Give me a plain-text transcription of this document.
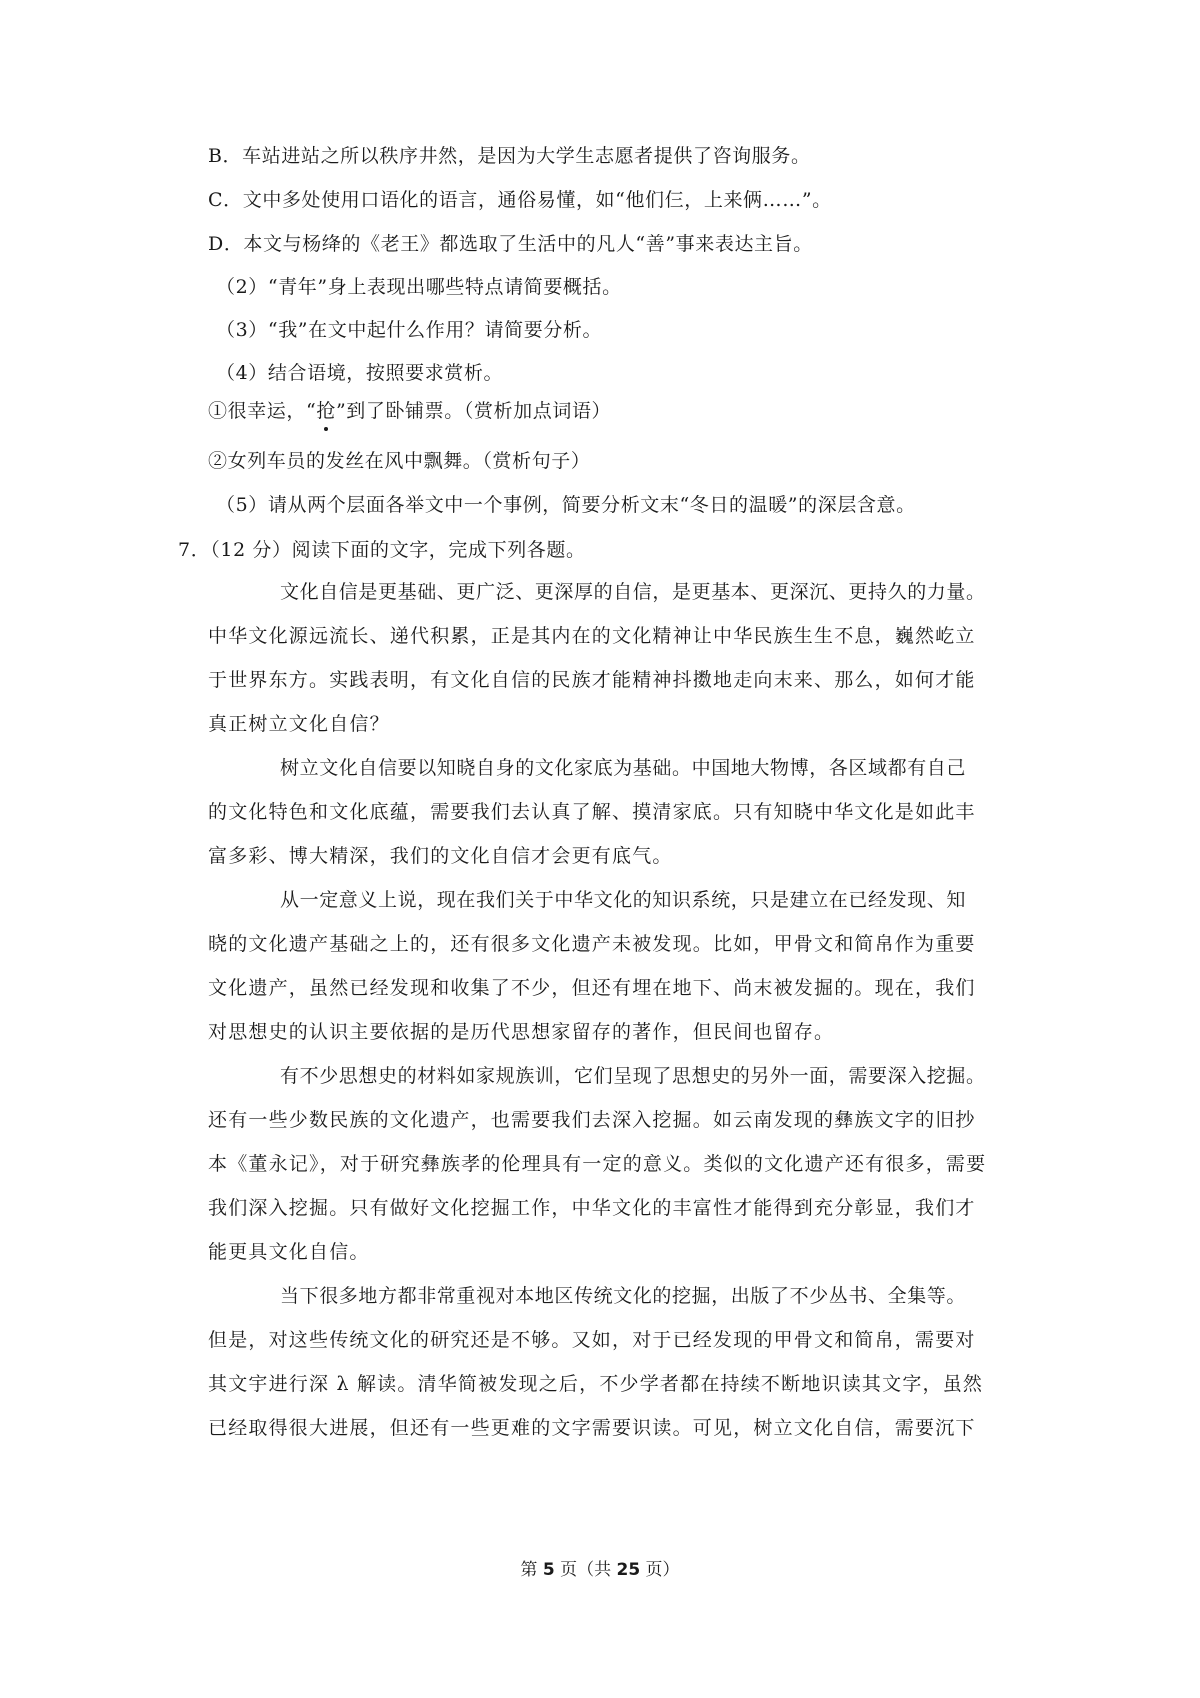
B．车站进站之所以秩序井然，是因为大学生志愿者提供了咨询服务。
C．文中多处使用口语化的语言，通俗易懂，如“他们仨，上来俩……”。
D．本文与杨绛的《老王》都选取了生活中的凡人“善”事来表达主旨。
（2）“青年”身上表现出哪些特点请简要概括。
（3）“我”在文中起什么作用？请简要分析。
（4）结合语境，按照要求赏析。
①很幸运，“抢”到了卧铺票。（赏析加点词语）
②女列车员的发丝在风中飘舞。（赏析句子）
（5）请从两个层面各举文中一个事例，简要分析文末“冬日的温暖”的深层含意。
7．（12 分）阅读下面的文字，完成下列各题。
文化自信是更基础、更广泛、更深厚的自信，是更基本、更深沉、更持久的力量。
中华文化源远流长、递代积累，正是其内在的文化精神让中华民族生生不息，巍然屹立
于世界东方。实践表明，有文化自信的民族才能精神抖擞地走向末来、那么，如何才能
真正树立文化自信？
树立文化自信要以知晓自身的文化家底为基础。中国地大物博，各区域都有自己
的文化特色和文化底蕴，需要我们去认真了解、摸清家底。只有知晓中华文化是如此丰
富多彩、博大精深，我们的文化自信才会更有底气。
从一定意义上说，现在我们关于中华文化的知识系统，只是建立在已经发现、知
晓的文化遗产基础之上的，还有很多文化遗产未被发现。比如，甲骨文和简帛作为重要
文化遗产，虽然已经发现和收集了不少，但还有埋在地下、尚末被发掘的。现在，我们
对思想史的认识主要依据的是历代思想家留存的著作，但民间也留存。
有不少思想史的材料如家规族训，它们呈现了思想史的另外一面，需要深入挖掘。
还有一些少数民族的文化遗产，也需要我们去深入挖掘。如云南发现的彝族文字的旧抄
本《董永记》，对于研究彝族孝的伦理具有一定的意义。类似的文化遗产还有很多，需要
我们深入挖掘。只有做好文化挖掘工作，中华文化的丰富性才能得到充分彰显，我们才
能更具文化自信。
当下很多地方都非常重视对本地区传统文化的挖掘，出版了不少丛书、全集等。
但是，对这些传统文化的研究还是不够。又如，对于已经发现的甲骨文和简帛，需要对
其文宇进行深 λ 解读。清华简被发现之后，不少学者都在持续不断地识读其文字，虽然
已经取得很大进展，但还有一些更难的文字需要识读。可见，树立文化自信，需要沉下
第 5 页（共 25 页）
